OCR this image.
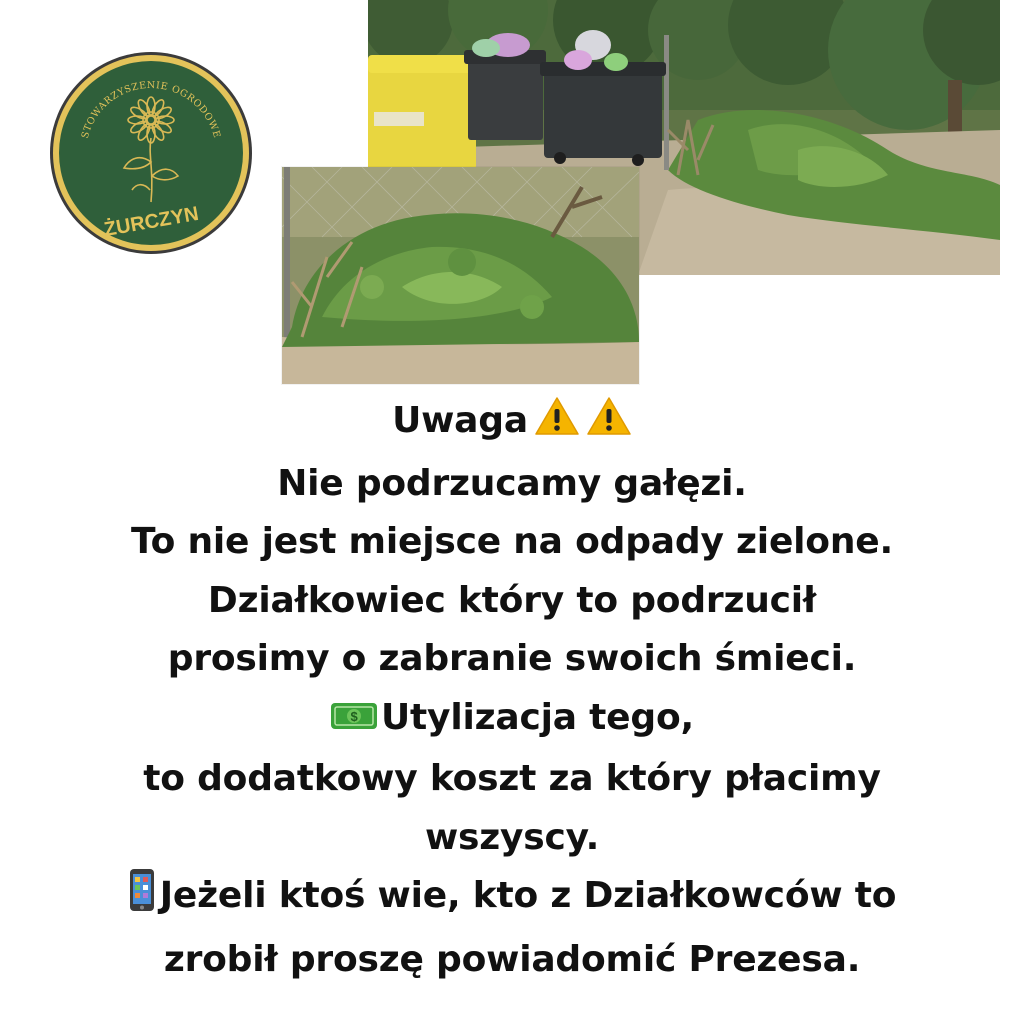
STOWARZYSZENIE OGRODOWE
ŻURCZYN
Uwaga
Nie podrzucamy gałęzi.
To nie jest miejsce na odpady zielone.
Działkowiec który to podrzucił
prosimy o zabranie swoich śmieci.
$ Utylizacja tego,
to dodatkowy koszt za który płacimy
wszyscy.
Jeżeli ktoś wie, kto z Działkowców to
zrobił proszę powiadomić Prezesa.
